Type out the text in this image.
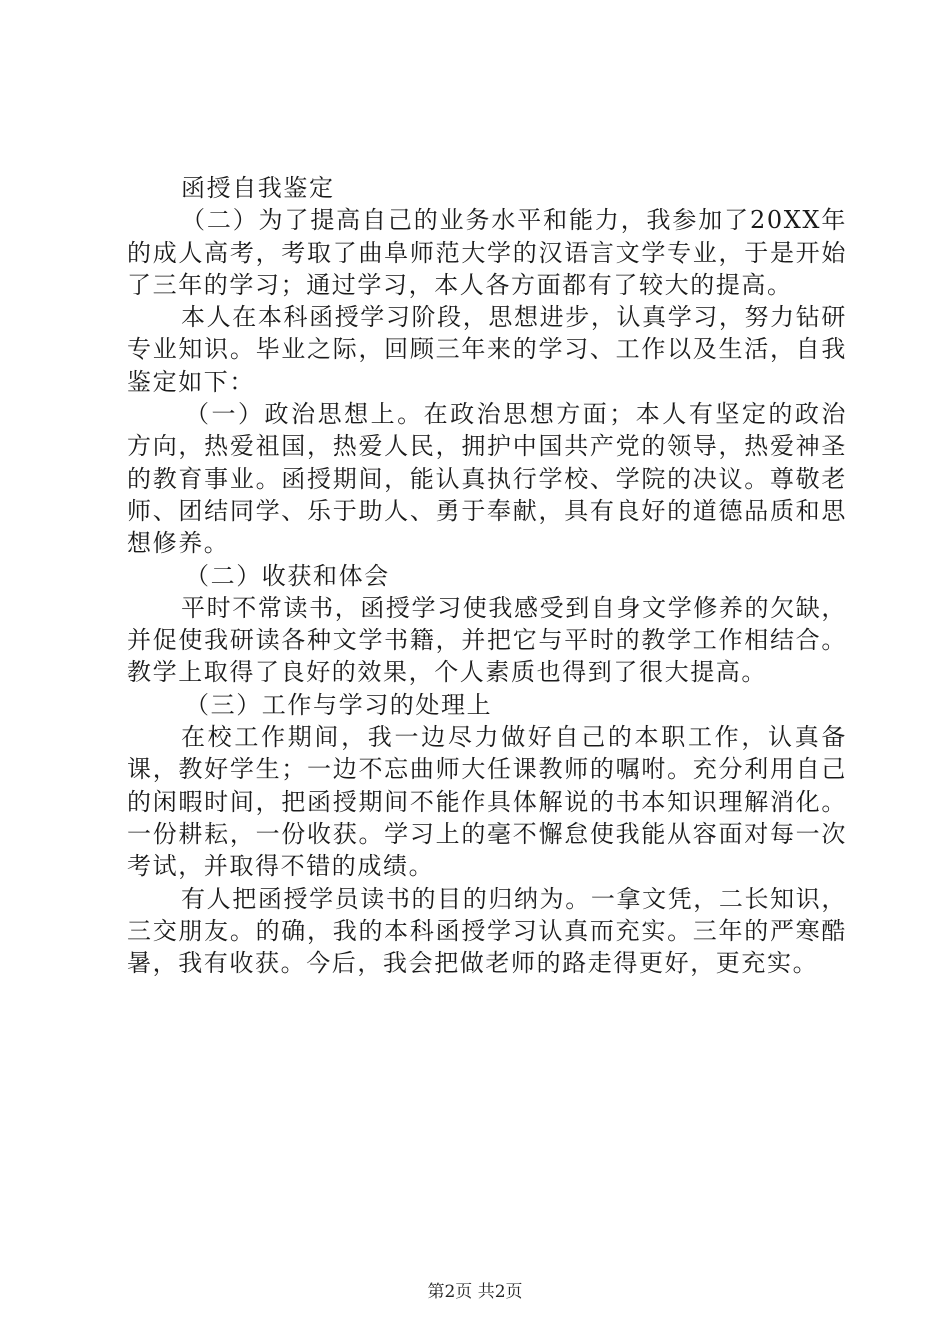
函授自我鉴定

（二）为了提高自己的业务水平和能力，我参加了20XX年的成人高考，考取了曲阜师范大学的汉语言文学专业，于是开始了三年的学习；通过学习，本人各方面都有了较大的提高。

本人在本科函授学习阶段，思想进步，认真学习，努力钻研专业知识。毕业之际，回顾三年来的学习、工作以及生活，自我鉴定如下：

（一）政治思想上。在政治思想方面；本人有坚定的政治方向，热爱祖国，热爱人民，拥护中国共产党的领导，热爱神圣的教育事业。函授期间，能认真执行学校、学院的决议。尊敬老师、团结同学、乐于助人、勇于奉献，具有良好的道德品质和思想修养。

（二）收获和体会

平时不常读书，函授学习使我感受到自身文学修养的欠缺，并促使我研读各种文学书籍，并把它与平时的教学工作相结合。教学上取得了良好的效果，个人素质也得到了很大提高。

（三）工作与学习的处理上

在校工作期间，我一边尽力做好自己的本职工作，认真备课，教好学生；一边不忘曲师大任课教师的嘱咐。充分利用自己的闲暇时间，把函授期间不能作具体解说的书本知识理解消化。一份耕耘，一份收获。学习上的毫不懈怠使我能从容面对每一次考试，并取得不错的成绩。

有人把函授学员读书的目的归纳为。一拿文凭，二长知识，三交朋友。的确，我的本科函授学习认真而充实。三年的严寒酷暑，我有收获。今后，我会把做老师的路走得更好，更充实。

第2页 共2页
